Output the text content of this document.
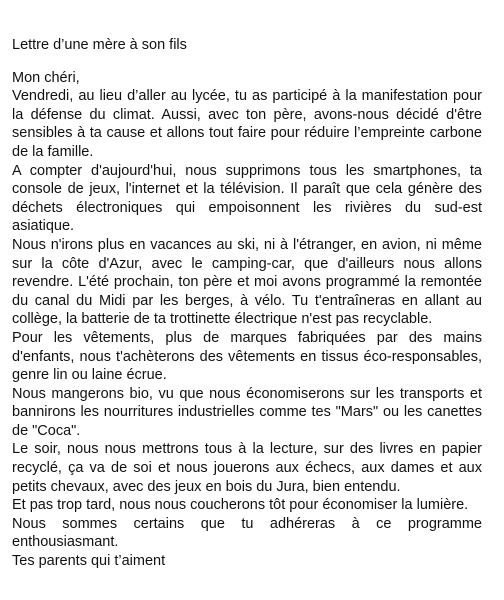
Lettre d’une mère à son fils

Mon chéri,

Vendredi, au lieu d’aller au lycée, tu as participé à la manifestation pour la défense du climat. Aussi, avec ton père, avons-nous décidé d'être sensibles à ta cause et allons tout faire pour réduire l’empreinte carbone de la famille.

A compter d'aujourd'hui, nous supprimons tous les smartphones, ta console de jeux, l'internet et la télévision. Il paraît que cela génère des déchets électroniques qui empoisonnent les rivières du sud-est asiatique.

Nous n'irons plus en vacances au ski, ni à l'étranger, en avion, ni même sur la côte d'Azur, avec le camping-car, que d'ailleurs nous allons revendre. L'été prochain, ton père et moi avons programmé la remontée du canal du Midi par les berges, à vélo. Tu t'entraîneras en allant au collège, la batterie de ta trottinette électrique n'est pas recyclable.

Pour les vêtements, plus de marques fabriquées par des mains d'enfants, nous t'achèterons des vêtements en tissus éco-responsables, genre lin ou laine écrue.

Nous mangerons bio, vu que nous économiserons sur les transports et bannirons les nourritures industrielles comme tes "Mars" ou les canettes de "Coca".

Le soir, nous nous mettrons tous à la lecture, sur des livres en papier recyclé, ça va de soi et nous jouerons aux échecs, aux dames et aux petits chevaux, avec des jeux en bois du Jura, bien entendu.

Et pas trop tard, nous nous coucherons tôt pour économiser la lumière.

Nous sommes certains que tu adhéreras à ce programme enthousiasmant.

Tes parents qui t’aiment
